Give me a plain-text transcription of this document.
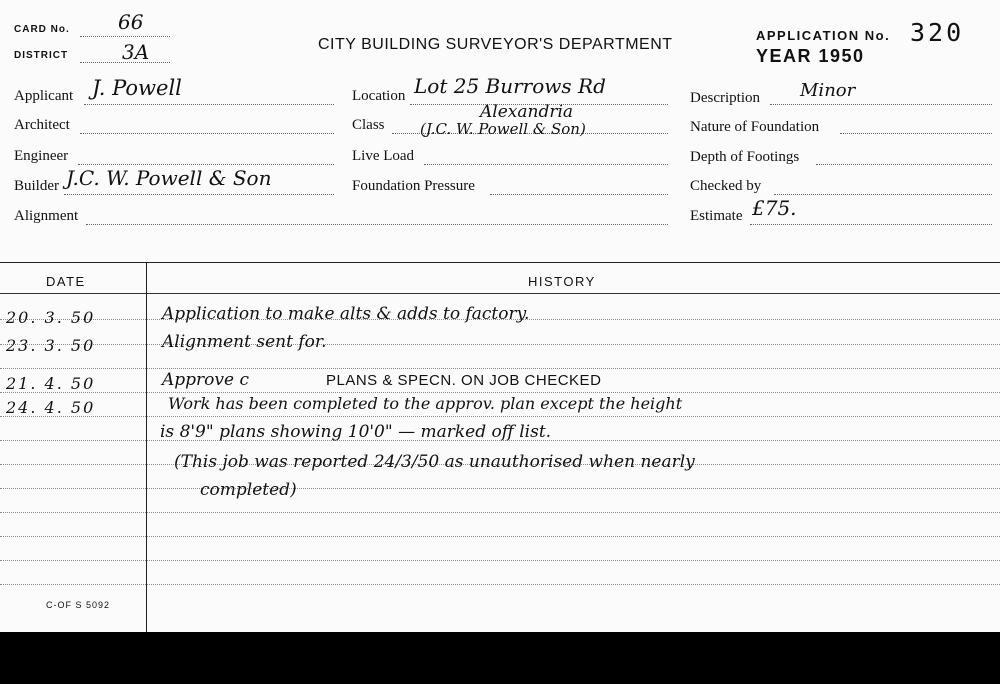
CARD No. 66
DISTRICT	3A	CITY BUILDING SURVEYOR'S DEPARTMENT
APPLICATION No. 320
YEAR 1950
Applicant J. Powell
Architect
Engineer
Builder J.C. W. Powell & Son
Alignment
Location Lot 25 Burrows Rd
Class
Alexandria
(J.C. W. Powell & Son)
Live Load
Foundation Pressure
Description Minor
Nature of Foundation
Depth of Footings
Checked by
Estimate £75.
DATE	HISTORY
20. 3. 50	Application to make alts & adds to factory.
23. 3. 50	Alignment sent for.
21. 4. 50	Approve c	PLANS & SPECN. ON JOB CHECKED
24. 4. 50	Work has been completed to the approv. plan except the height
is 8'9" plans showing 10'0" — marked off list.
(This job was reported 24/3/50 as unauthorised when nearly
completed)
C-OF S 5092
